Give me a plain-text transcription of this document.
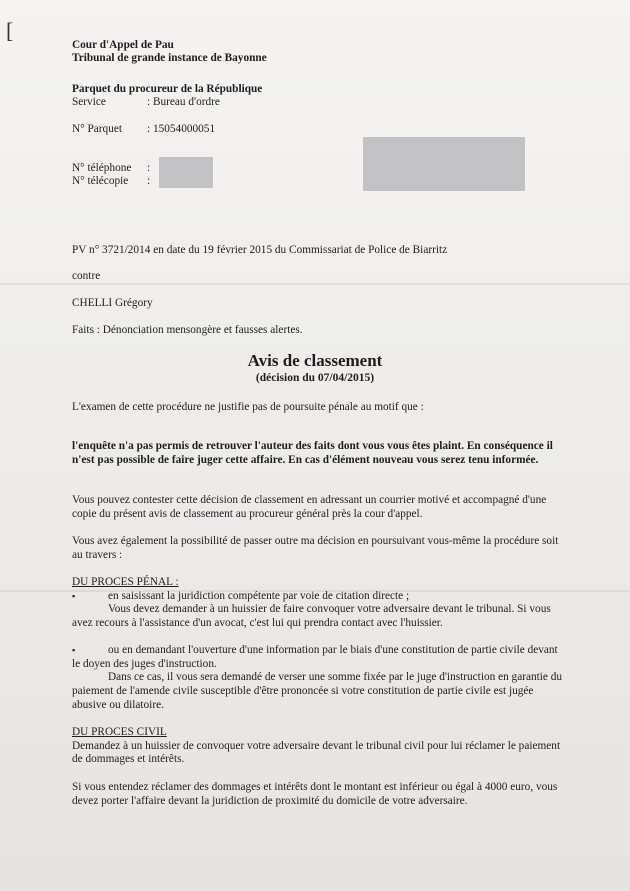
[
Cour d'Appel de Pau
Tribunal de grande instance de Bayonne
Parquet du procureur de la République
Service	: Bureau d'ordre
N° Parquet : 15054000051
N° téléphone :
N° télécopie :
PV n° 3721/2014 en date du 19 février 2015 du Commissariat de Police de Biarritz
contre
CHELLI Grégory
Faits : Dénonciation mensongère et fausses alertes.
Avis de classement
(décision du 07/04/2015)
L'examen de cette procédure ne justifie pas de poursuite pénale au motif que :
l'enquête n'a pas permis de retrouver l'auteur des faits dont vous vous êtes plaint. En conséquence il
n'est pas possible de faire juger cette affaire. En cas d'élément nouveau vous serez tenu informée.
Vous pouvez contester cette décision de classement en adressant un courrier motivé et accompagné d'une
copie du présent avis de classement au procureur général près la cour d'appel.
Vous avez également la possibilité de passer outre ma décision en poursuivant vous-même la procédure soit
au travers :
DU PROCES PÉNAL :
▪	en saisissant la juridiction compétente par voie de citation directe ;
Vous devez demander à un huissier de faire convoquer votre adversaire devant le tribunal. Si vous
avez recours à l'assistance d'un avocat, c'est lui qui prendra contact avec l'huissier.
▪	ou en demandant l'ouverture d'une information par le biais d'une constitution de partie civile devant
le doyen des juges d'instruction.
Dans ce cas, il vous sera demandé de verser une somme fixée par le juge d'instruction en garantie du
paiement de l'amende civile susceptible d'être prononcée si votre constitution de partie civile est jugée
abusive ou dilatoire.
DU PROCES CIVIL
Demandez à un huissier de convoquer votre adversaire devant le tribunal civil pour lui réclamer le paiement
de dommages et intérêts.
Si vous entendez réclamer des dommages et intérêts dont le montant est inférieur ou égal à 4000 euro, vous
devez porter l'affaire devant la juridiction de proximité du domicile de votre adversaire.
